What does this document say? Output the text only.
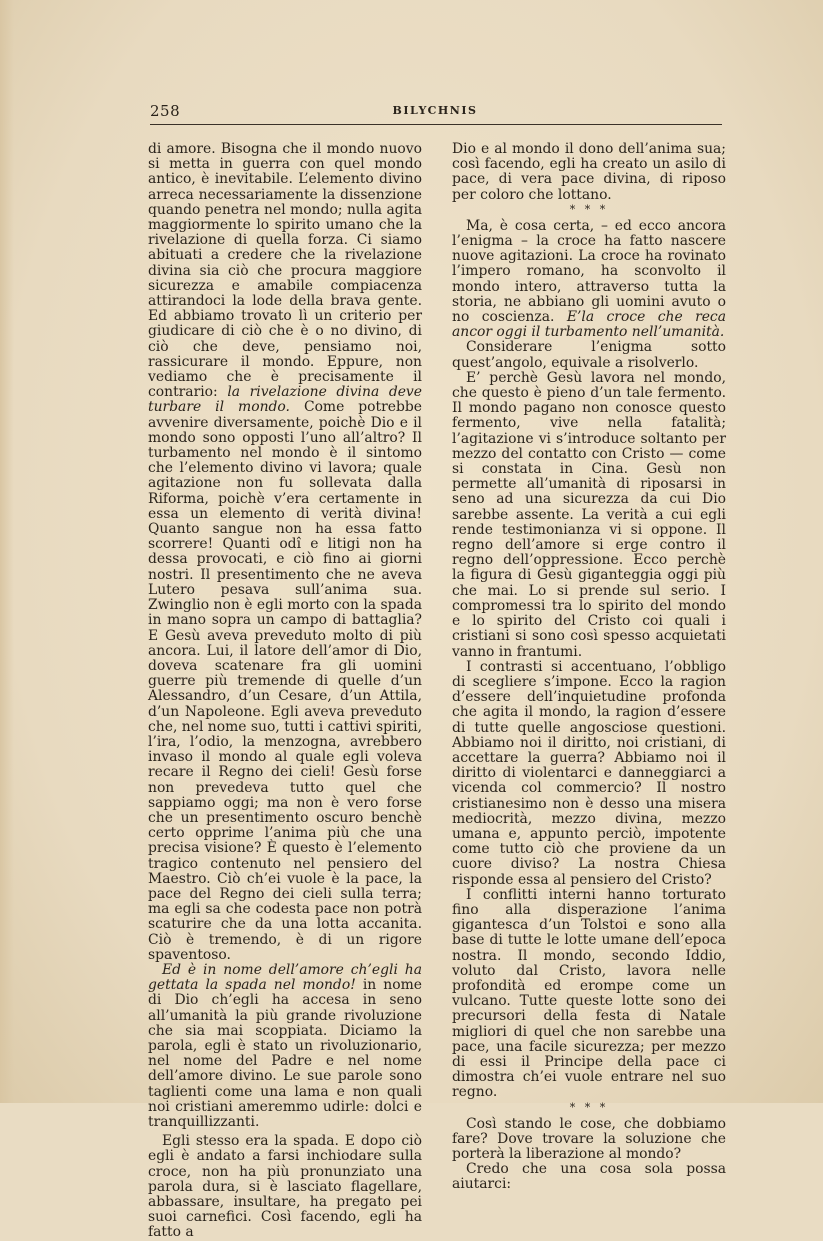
258	BILYCHNIS

di amore. Bisogna che il mondo nuovo si metta in guerra con quel mondo antico, è inevitabile. L’elemento divino arreca necessariamente la dissenzione quando penetra nel mondo; nulla agita maggiormente lo spirito umano che la rivelazione di quella forza. Ci siamo abituati a credere che la rivelazione divina sia ciò che procura maggiore sicurezza e amabile compiacenza attirandoci la lode della brava gente. Ed abbiamo trovato lì un criterio per giudicare di ciò che è o no divino, di ciò che deve, pensiamo noi, rassicurare il mondo. Eppure, non vediamo che è precisamente il contrario: la rivelazione divina deve turbare il mondo. Come potrebbe avvenire diversamente, poichè Dio e il mondo sono opposti l’uno all’altro? Il turbamento nel mondo è il sintomo che l’elemento divino vi lavora; quale agitazione non fu sollevata dalla Riforma, poichè v’era certamente in essa un elemento di verità divina! Quanto sangue non ha essa fatto scorrere! Quanti odî e litigi non ha dessa provocati, e ciò fino ai giorni nostri. Il presentimento che ne aveva Lutero pesava sull’anima sua. Zwinglio non è egli morto con la spada in mano sopra un campo di battaglia? E Gesù aveva preveduto molto di più ancora. Lui, il latore dell’amor di Dio, doveva scatenare fra gli uomini guerre più tremende di quelle d’un Alessandro, d’un Cesare, d’un Attila, d’un Napoleone. Egli aveva preveduto che, nel nome suo, tutti i cattivi spiriti, l’ira, l’odio, la menzogna, avrebbero invaso il mondo al quale egli voleva recare il Regno dei cieli! Gesù forse non prevedeva tutto quel che sappiamo oggi; ma non è vero forse che un presentimento oscuro benchè certo opprime l’anima più che una precisa visione? È questo è l’elemento tragico contenuto nel pensiero del Maestro. Ciò ch’ei vuole è la pace, la pace del Regno dei cieli sulla terra; ma egli sa che codesta pace non potrà scaturire che da una lotta accanita. Ciò è tremendo, è di un rigore spaventoso.

Ed è in nome dell’amore ch’egli ha gettata la spada nel mondo! in nome di Dio ch’egli ha accesa in seno all’umanità la più grande rivoluzione che sia mai scoppiata. Diciamo la parola, egli è stato un rivoluzionario, nel nome del Padre e nel nome dell’amore divino. Le sue parole sono taglienti come una lama e non quali noi cristiani ameremmo udirle: dolci e tranquillizzanti.

Egli stesso era la spada. E dopo ciò egli è andato a farsi inchiodare sulla croce, non ha più pronunziato una parola dura, si è lasciato flagellare, abbassare, insultare, ha pregato pei suoi carnefici. Così facendo, egli ha fatto a

Dio e al mondo il dono dell’anima sua; così facendo, egli ha creato un asilo di pace, di vera pace divina, di riposo per coloro che lottano.

* * *

Ma, è cosa certa, – ed ecco ancora l’enigma – la croce ha fatto nascere nuove agitazioni. La croce ha rovinato l’impero romano, ha sconvolto il mondo intero, attraverso tutta la storia, ne abbiano gli uomini avuto o no coscienza. E’la croce che reca ancor oggi il turbamento nell’umanità.

Considerare l’enigma sotto quest’angolo, equivale a risolverlo.

E’ perchè Gesù lavora nel mondo, che questo è pieno d’un tale fermento. Il mondo pagano non conosce questo fermento, vive nella fatalità; l’agitazione vi s’introduce soltanto per mezzo del contatto con Cristo — come si constata in Cina. Gesù non permette all’umanità di riposarsi in seno ad una sicurezza da cui Dio sarebbe assente. La verità a cui egli rende testimonianza vi si oppone. Il regno dell’amore si erge contro il regno dell’oppressione. Ecco perchè la figura di Gesù giganteggia oggi più che mai. Lo si prende sul serio. I compromessi tra lo spirito del mondo e lo spirito del Cristo coi quali i cristiani si sono così spesso acquietati vanno in frantumi.

I contrasti si accentuano, l’obbligo di scegliere s’impone. Ecco la ragion d’essere dell’inquietudine profonda che agita il mondo, la ragion d’essere di tutte quelle angosciose questioni. Abbiamo noi il diritto, noi cristiani, di accettare la guerra? Abbiamo noi il diritto di violentarci e danneggiarci a vicenda col commercio? Il nostro cristianesimo non è desso una misera mediocrità, mezzo divina, mezzo umana e, appunto perciò, impotente come tutto ciò che proviene da un cuore diviso? La nostra Chiesa risponde essa al pensiero del Cristo?

I conflitti interni hanno torturato fino alla disperazione l’anima gigantesca d’un Tolstoi e sono alla base di tutte le lotte umane dell’epoca nostra. Il mondo, secondo Iddio, voluto dal Cristo, lavora nelle profondità ed erompe come un vulcano. Tutte queste lotte sono dei precursori della festa di Natale migliori di quel che non sarebbe una pace, una facile sicurezza; per mezzo di essi il Principe della pace ci dimostra ch’ei vuole entrare nel suo regno.

* * *

Così stando le cose, che dobbiamo fare? Dove trovare la soluzione che porterà la liberazione al mondo?

Credo che una cosa sola possa aiutarci:
